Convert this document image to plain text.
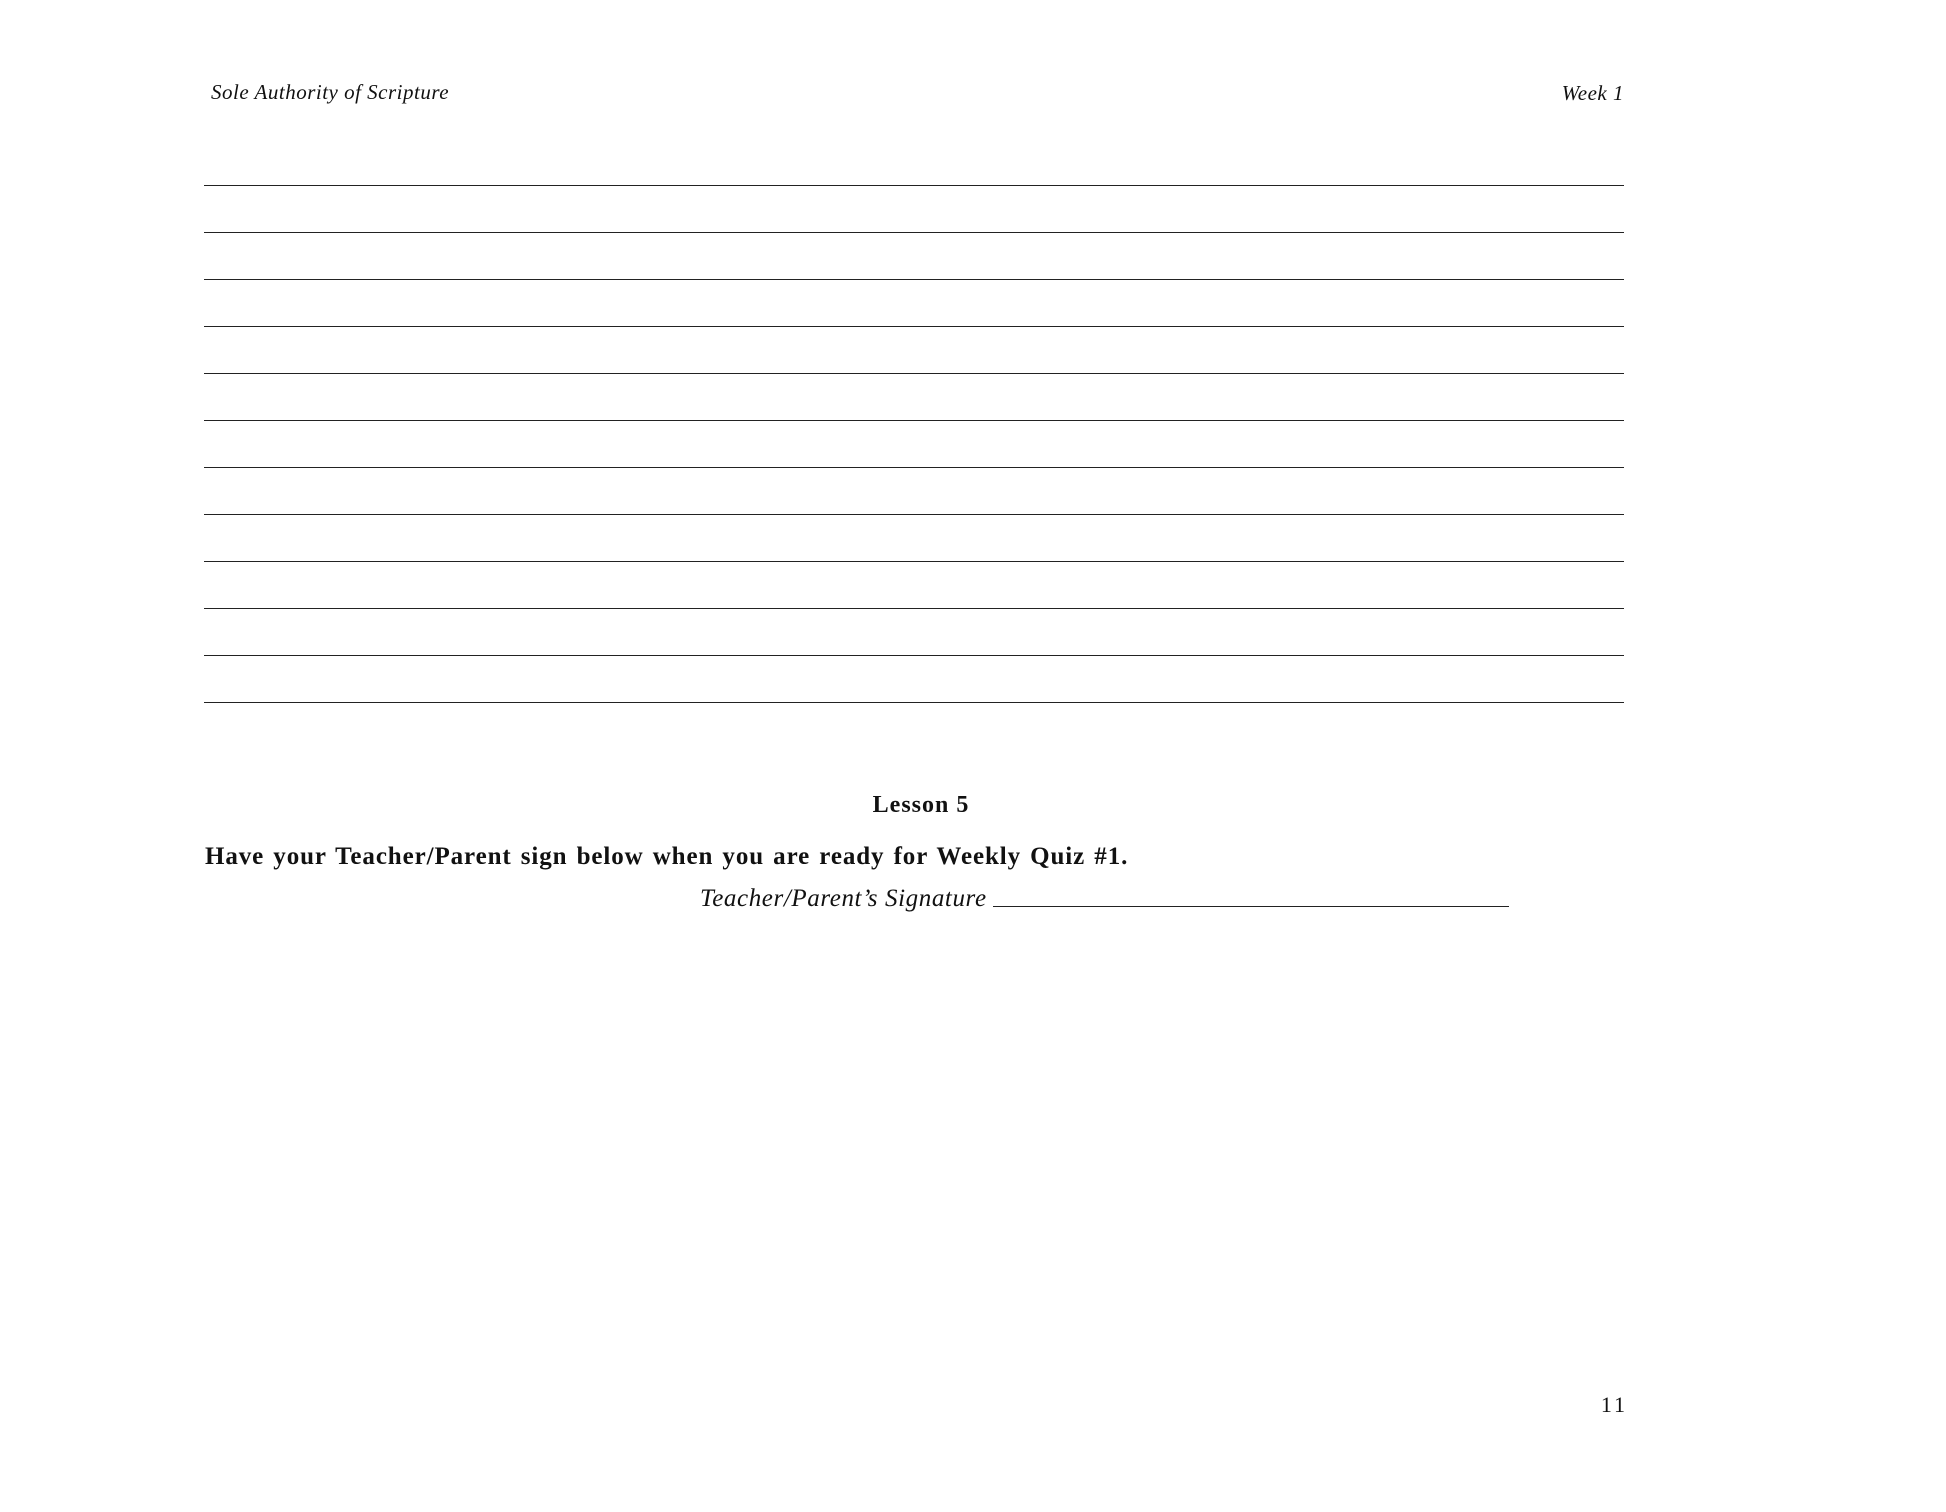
Sole Authority of Scripture	Week 1
Lesson 5
Have your Teacher/Parent sign below when you are ready for Weekly Quiz #1.
Teacher/Parent’s Signature
11
